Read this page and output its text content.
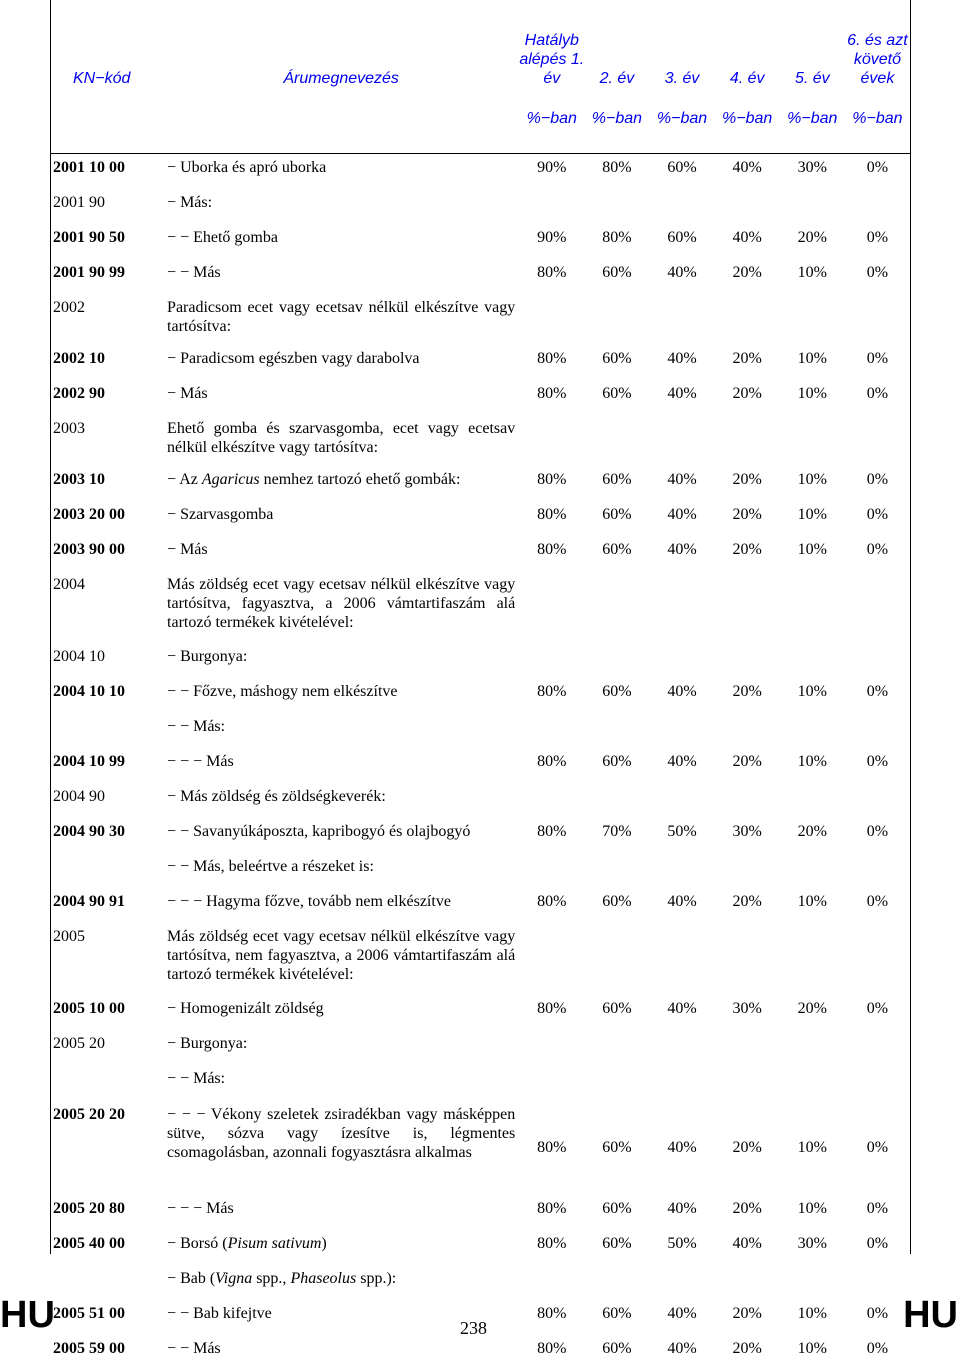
KN−kód	Árumegnevezés	Hatályb alépés 1. év	2. év	3. év	4. év	5. év	6. és azt követő évek
		%−ban	%−ban	%−ban	%−ban	%−ban	%−ban
2001 10 00	− Uborka és apró uborka	90%	80%	60%	40%	30%	0%
2001 90	− Más:						
2001 90 50	− − Ehető gomba	90%	80%	60%	40%	20%	0%
2001 90 99	− − Más	80%	60%	40%	20%	10%	0%
2002	Paradicsom ecet vagy ecetsav nélkül elkészítve vagy tartósítva:						
2002 10	− Paradicsom egészben vagy darabolva	80%	60%	40%	20%	10%	0%
2002 90	− Más	80%	60%	40%	20%	10%	0%
2003	Ehető gomba és szarvasgomba, ecet vagy ecetsav nélkül elkészítve vagy tartósítva:						
2003 10	− Az Agaricus nemhez tartozó ehető gombák:	80%	60%	40%	20%	10%	0%
2003 20 00	− Szarvasgomba	80%	60%	40%	20%	10%	0%
2003 90 00	− Más	80%	60%	40%	20%	10%	0%
2004	Más zöldség ecet vagy ecetsav nélkül elkészítve vagy tartósítva, fagyasztva, a 2006 vámtartifaszám alá tartozó termékek kivételével:						
2004 10	− Burgonya:						
2004 10 10	− − Főzve, máshogy nem elkészítve	80%	60%	40%	20%	10%	0%
	− − Más:						
2004 10 99	− − − Más	80%	60%	40%	20%	10%	0%
2004 90	− Más zöldség és zöldségkeverék:						
2004 90 30	− − Savanyúkáposzta, kapribogyó és olajbogyó	80%	70%	50%	30%	20%	0%
	− − Más, beleértve a részeket is:						
2004 90 91	− − − Hagyma főzve, tovább nem elkészítve	80%	60%	40%	20%	10%	0%
2005	Más zöldség ecet vagy ecetsav nélkül elkészítve vagy tartósítva, nem fagyasztva, a 2006 vámtartifaszám alá tartozó termékek kivételével:						
2005 10 00	− Homogenizált zöldség	80%	60%	40%	30%	20%	0%
2005 20	− Burgonya:						
	− − Más:						
2005 20 20	− − − Vékony szeletek zsiradékban vagy másképpen sütve, sózva vagy ízesítve is, légmentes csomagolásban, azonnali fogyasztásra alkalmas	80%	60%	40%	20%	10%	0%
2005 20 80	− − − Más	80%	60%	40%	20%	10%	0%
2005 40 00	− Borsó (Pisum sativum)	80%	60%	50%	40%	30%	0%
	− Bab (Vigna spp., Phaseolus spp.):						
2005 51 00	− − Bab kifejtve	80%	60%	40%	20%	10%	0%
2005 59 00	− − Más	80%	60%	40%	20%	10%	0%
HU	238	HU
